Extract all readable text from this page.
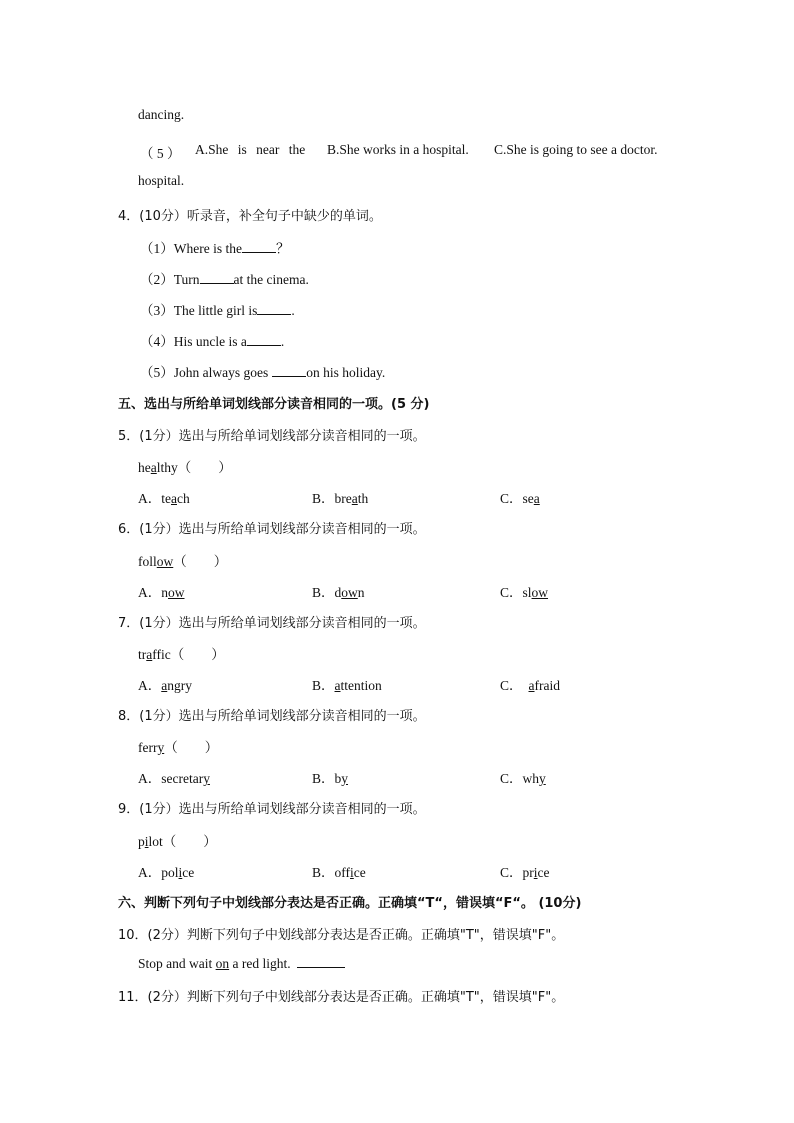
dancing.
（ 5 ） A.She is near the B.She works in a hospital. C.She is going to see a doctor.
hospital.
4．(10分）听录音，补全句子中缺少的单词。
（1）Where is the	？
（2）Turn	at the cinema.
（3）The little girl is	.
（4）His uncle is a	.
（5）John always goes	on his holiday.
五、选出与所给单词划线部分读音相同的一项。(5 分)
5．(1分）选出与所给单词划线部分读音相同的一项。
healthy（　　）
A．teach	B．breath	C．sea
6．(1分）选出与所给单词划线部分读音相同的一项。
follow（　　）
A．now	B．down	C．slow
7．(1分）选出与所给单词划线部分读音相同的一项。
traffic（　　）
A．angry	B．attention	C． afraid
8．(1分）选出与所给单词划线部分读音相同的一项。
ferry（　　）
A．secretary	B．by	C．why
9．(1分）选出与所给单词划线部分读音相同的一项。
pilot（　　）
A．police	B．office	C．price
六、判断下列句子中划线部分表达是否正确。正确填“T“，错误填“F“。 (10分)
10．(2分）判断下列句子中划线部分表达是否正确。正确填"T"，错误填"F"。
Stop and wait on a red light.
11．(2分）判断下列句子中划线部分表达是否正确。正确填"T"，错误填"F"。
